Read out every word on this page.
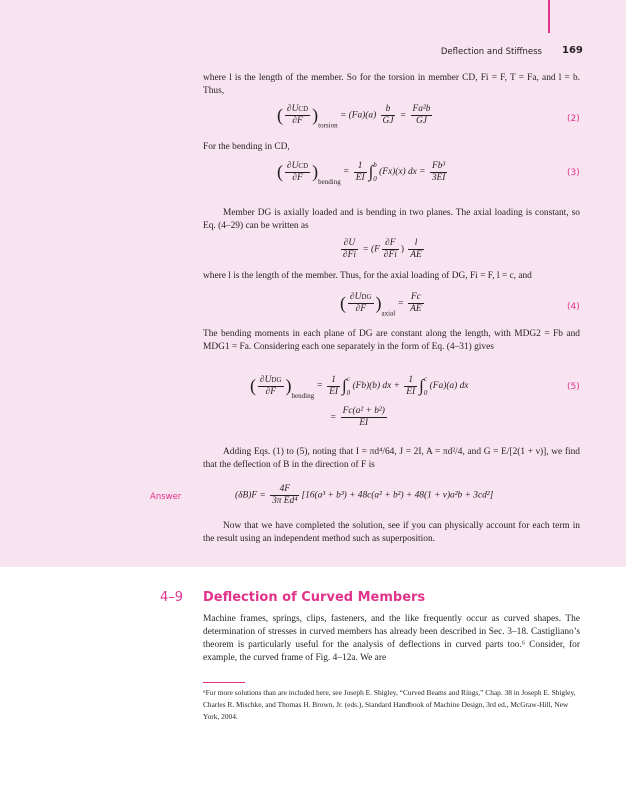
Deflection and Stiffness 169
where l is the length of the member. So for the torsion in member CD, Fi = F, T = Fa, and l = b. Thus,
( $\frac{\text{∂UCD}}{\partial F} )_{torsion} = (Fa)(a) \frac{b}{GJ} = \frac{\text{Fa²b}}{GJ}$	(2)
For the bending in CD,
( $\frac{\text{∂UCD}}{\partial F} )_{bending} = \frac{1}{EI}$ ∫ b
0
(Fx)(x) dx = $\frac{\text{Fb³}}{3EI}$	(3)
Member DG is axially loaded and is bending in two planes. The axial loading is constant, so Eq. (4–29) can be written as
$\frac{\partial U}{\partial Fi} = (F \frac{\partial F}{\partial Fi}$ ) $\frac{l}{AE}$
where l is the length of the member. Thus, for the axial loading of DG, Fi = F, l = c, and
( $\frac{\text{∂UDG}}{\partial F} )_{axial} = \frac{Fc}{AE}$	(4)
The bending moments in each plane of DG are constant along the length, with MDG2 = Fb and MDG1 = Fa. Considering each one separately in the form of Eq. (4–31) gives
( $\frac{\text{∂UDG}}{\partial F} )_{bending} = \frac{1}{EI}$ ∫ c
0
(Fb)(b) dx + $\frac{1}{EI}$ ∫ c
0
(Fa)(a) dx	(5)
= $\frac{\text{Fc(a² + b²)}}{EI}$
Adding Eqs. (1) to (5), noting that I = πd⁴/64, J = 2I, A = πd²/4, and G = E/[2(1 + ν)], we find that the deflection of B in the direction of F is
Answer	$(\delta B)F = \frac{4F}{\text{3π Ed⁴}} [16(a^3 + b^3) + 48c(a^2 + b^2) + 48(1 + \nu)a^2b + 3cd^2]$
Now that we have completed the solution, see if you can physically account for each term in the result using an independent method such as superposition.
4–9 Deflection of Curved Members
Machine frames, springs, clips, fasteners, and the like frequently occur as curved shapes. The determination of stresses in curved members has already been described in Sec. 3–18. Castigliano’s theorem is particularly useful for the analysis of deflections in curved parts too.⁶ Consider, for example, the curved frame of Fig. 4–12a. We are
⁶For more solutions than are included here, see Joseph E. Shigley, “Curved Beams and Rings,” Chap. 38 in Joseph E. Shigley, Charles R. Mischke, and Thomas H. Brown, Jr. (eds.), Standard Handbook of Machine Design, 3rd ed., McGraw-Hill, New York, 2004.
